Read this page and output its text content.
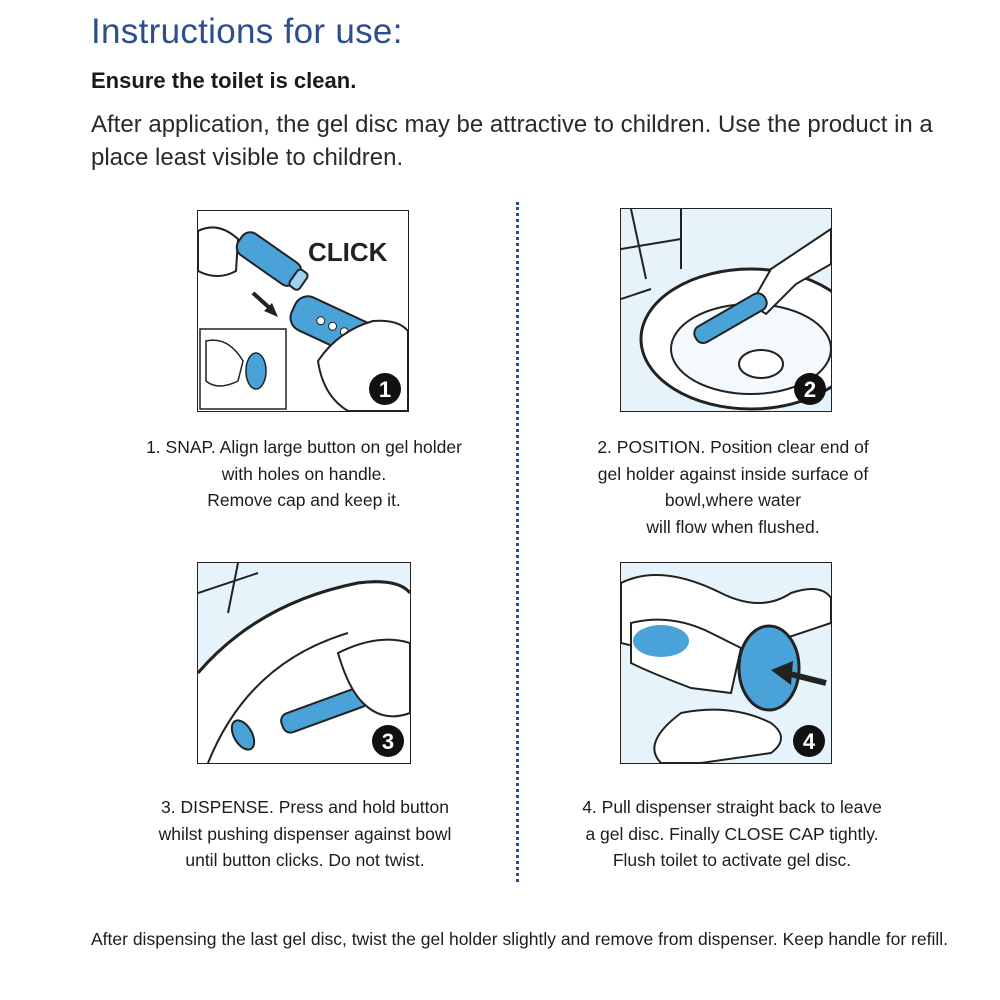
Instructions for use:
Ensure the toilet is clean.
After application, the gel disc may be attractive to children. Use the product in a place least visible to children.
CLICK
1
1. SNAP. Align large button on gel holder
with holes on handle.
Remove cap and keep it.
2
2. POSITION. Position clear end of
gel holder against inside surface of
bowl,where water
will flow when flushed.
3
3. DISPENSE. Press and hold button
whilst pushing dispenser against bowl
until button clicks. Do not twist.
4
4. Pull dispenser straight back to leave
a gel disc. Finally CLOSE CAP tightly.
Flush toilet to activate gel disc.
After dispensing the last gel disc, twist the gel holder slightly and remove from dispenser. Keep handle for refill.
